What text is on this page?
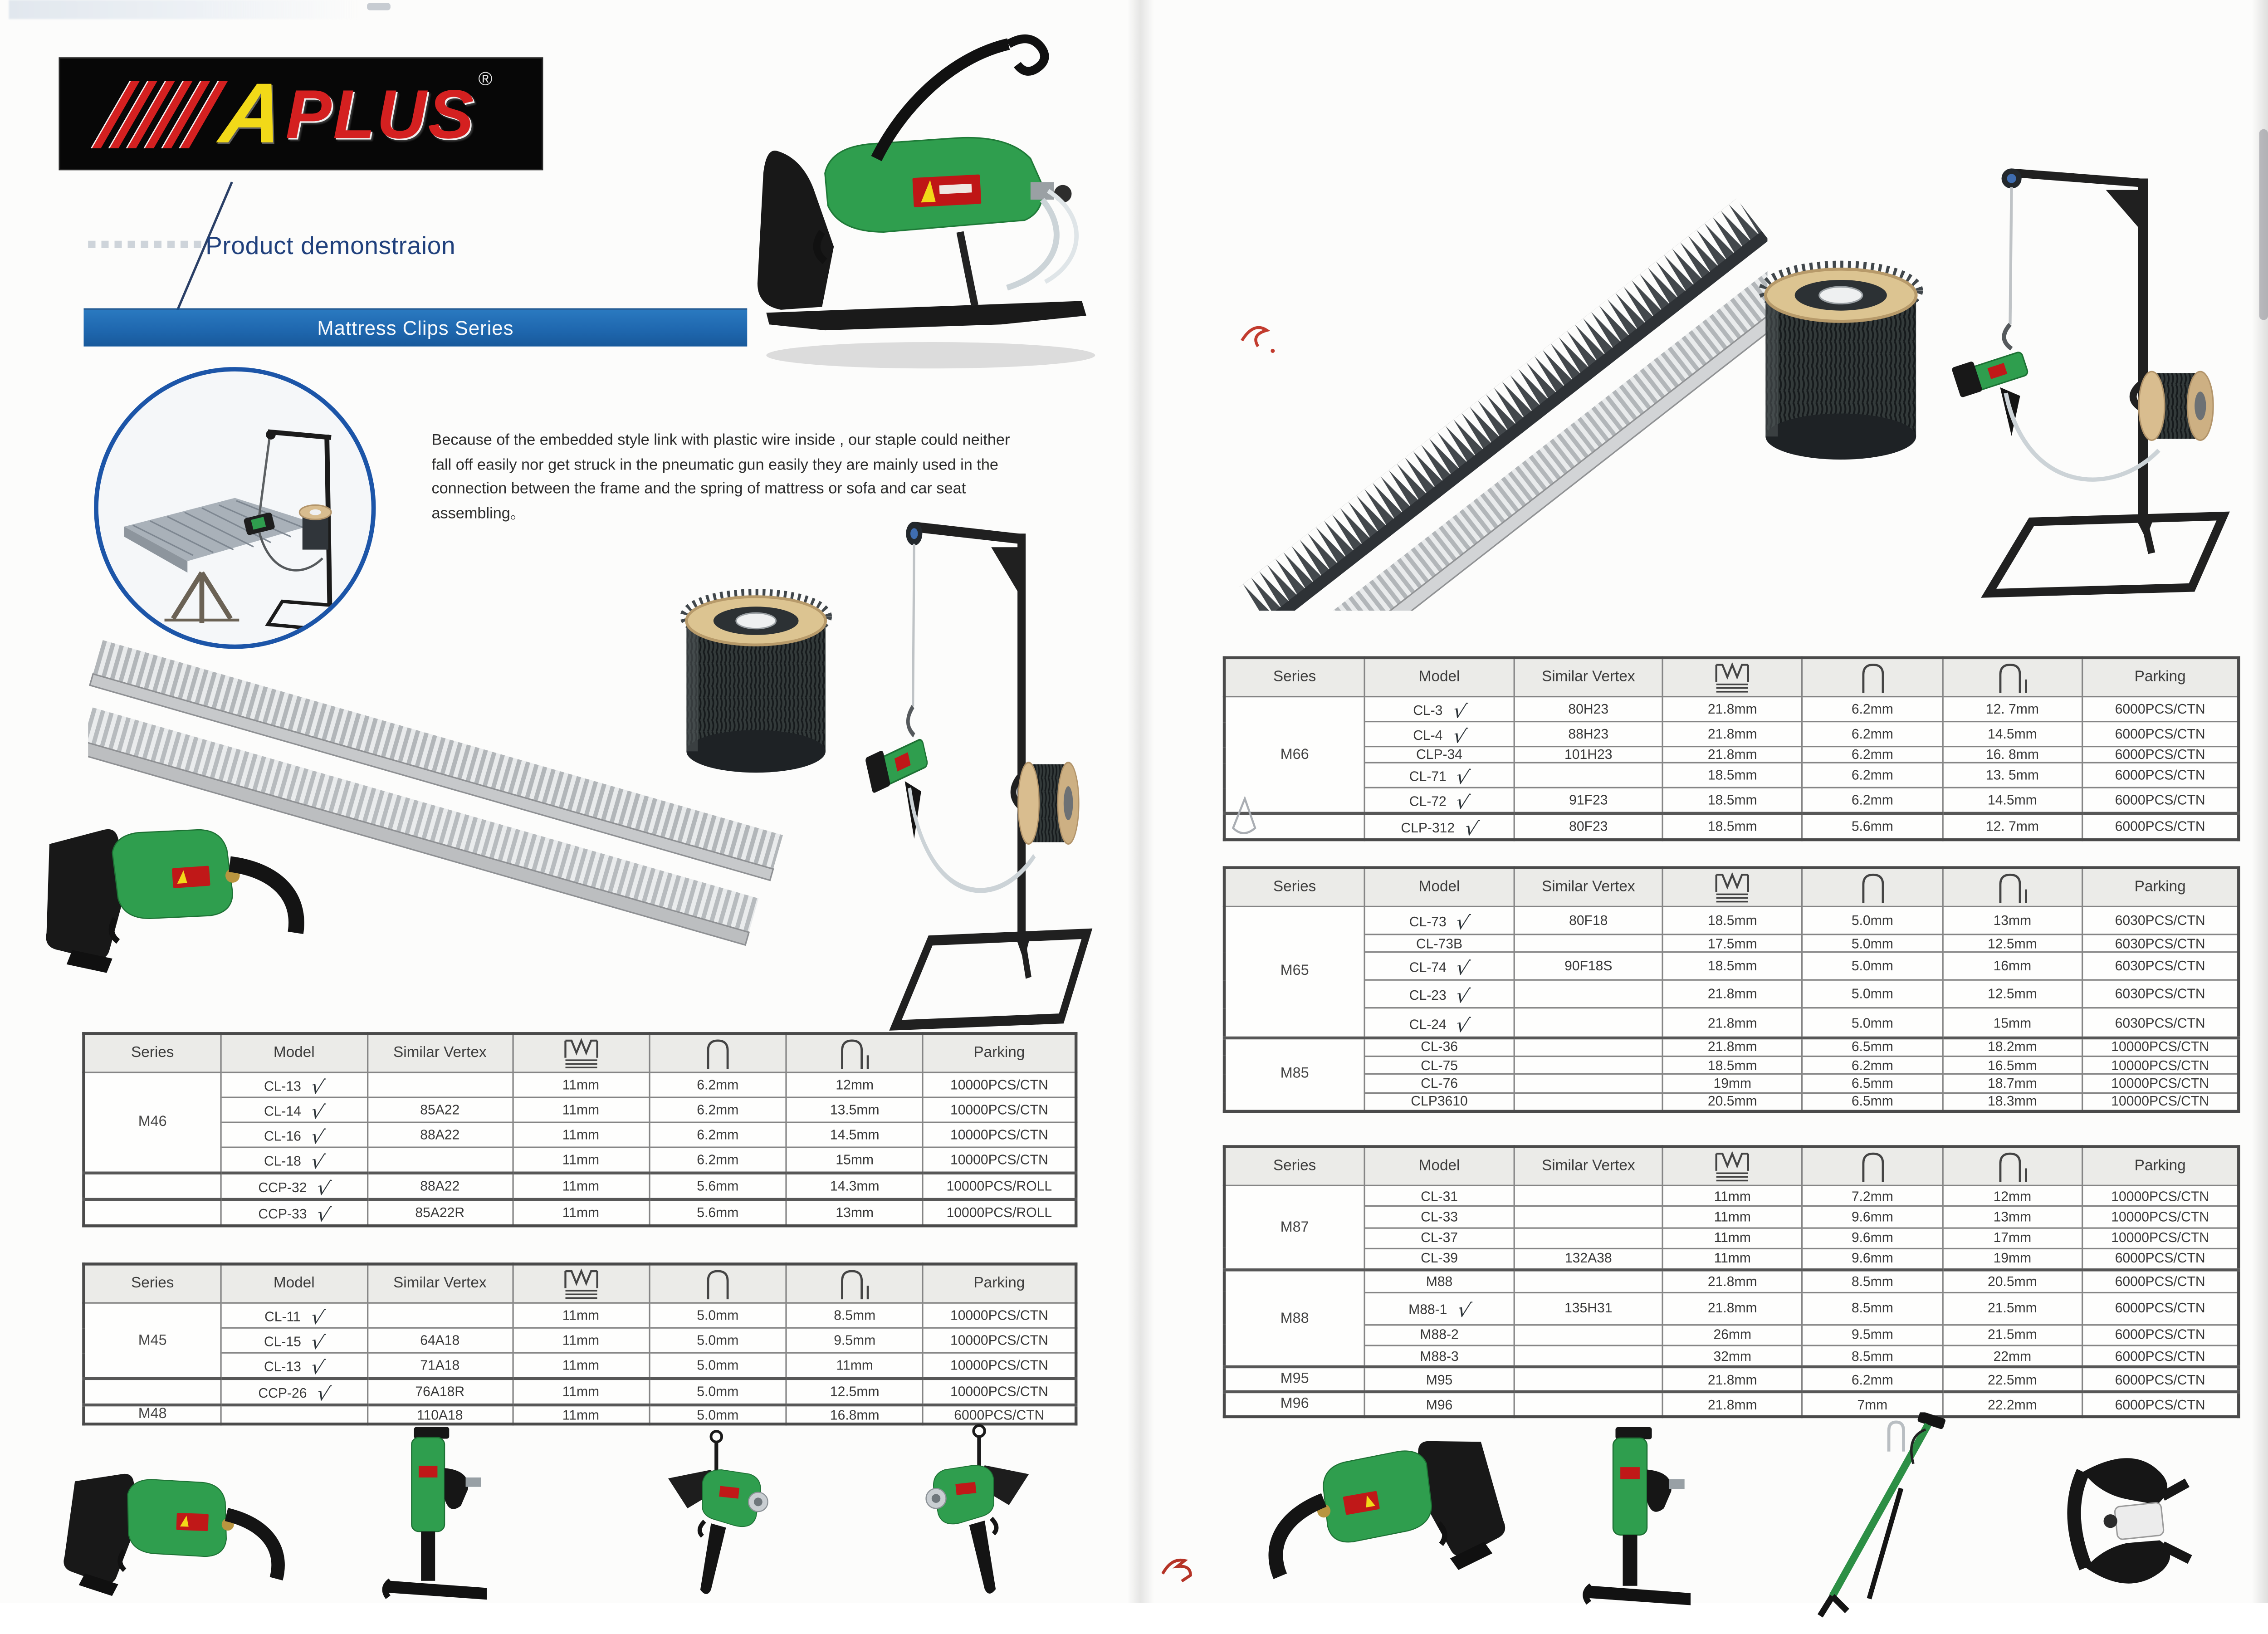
A
PLUS ®
Product demonstraion
Mattress Clips Series
Because of the embedded style link with plastic wire inside , our staple could neither
fall off easily nor get struck in the pneumatic gun easily they are mainly used in the
connection between the frame and the spring of mattress or sofa and car seat
assembling。
Series	Model	Similar Vertex				Parking
M46	CL-13 √		11mm	6.2mm	12mm	10000PCS/CTN
	CL-14 √	85A22	11mm	6.2mm	13.5mm	10000PCS/CTN
	CL-16 √	88A22	11mm	6.2mm	14.5mm	10000PCS/CTN
	CL-18 √		11mm	6.2mm	15mm	10000PCS/CTN
	CCP-32 √	88A22	11mm	5.6mm	14.3mm	10000PCS/ROLL
	CCP-33 √	85A22R	11mm	5.6mm	13mm	10000PCS/ROLL
Series	Model	Similar Vertex				Parking
M45	CL-11 √		11mm	5.0mm	8.5mm	10000PCS/CTN
	CL-15 √	64A18	11mm	5.0mm	9.5mm	10000PCS/CTN
	CL-13 √	71A18	11mm	5.0mm	11mm	10000PCS/CTN
	CCP-26 √	76A18R	11mm	5.0mm	12.5mm	10000PCS/CTN
M48		110A18	11mm	5.0mm	16.8mm	6000PCS/CTN
Series	Model	Similar Vertex				Parking
M66	CL-3 √	80H23	21.8mm	6.2mm	12. 7mm	6000PCS/CTN
	CL-4 √	88H23	21.8mm	6.2mm	14.5mm	6000PCS/CTN
	CLP-34	101H23	21.8mm	6.2mm	16. 8mm	6000PCS/CTN
	CL-71 √		18.5mm	6.2mm	13. 5mm	6000PCS/CTN
	CL-72 √	91F23	18.5mm	6.2mm	14.5mm	6000PCS/CTN
	CLP-312 √	80F23	18.5mm	5.6mm	12. 7mm	6000PCS/CTN
Series	Model	Similar Vertex				Parking
M65	CL-73 √	80F18	18.5mm	5.0mm	13mm	6030PCS/CTN
	CL-73B		17.5mm	5.0mm	12.5mm	6030PCS/CTN
	CL-74 √	90F18S	18.5mm	5.0mm	16mm	6030PCS/CTN
	CL-23 √		21.8mm	5.0mm	12.5mm	6030PCS/CTN
	CL-24 √		21.8mm	5.0mm	15mm	6030PCS/CTN
M85	CL-36		21.8mm	6.5mm	18.2mm	10000PCS/CTN
	CL-75		18.5mm	6.2mm	16.5mm	10000PCS/CTN
	CL-76		19mm	6.5mm	18.7mm	10000PCS/CTN
	CLP3610		20.5mm	6.5mm	18.3mm	10000PCS/CTN
Series	Model	Similar Vertex				Parking
M87	CL-31		11mm	7.2mm	12mm	10000PCS/CTN
	CL-33		11mm	9.6mm	13mm	10000PCS/CTN
	CL-37		11mm	9.6mm	17mm	10000PCS/CTN
	CL-39	132A38	11mm	9.6mm	19mm	6000PCS/CTN
M88	M88		21.8mm	8.5mm	20.5mm	6000PCS/CTN
	M88-1 √	135H31	21.8mm	8.5mm	21.5mm	6000PCS/CTN
	M88-2		26mm	9.5mm	21.5mm	6000PCS/CTN
	M88-3		32mm	8.5mm	22mm	6000PCS/CTN
M95	M95		21.8mm	6.2mm	22.5mm	6000PCS/CTN
M96	M96		21.8mm	7mm	22.2mm	6000PCS/CTN
